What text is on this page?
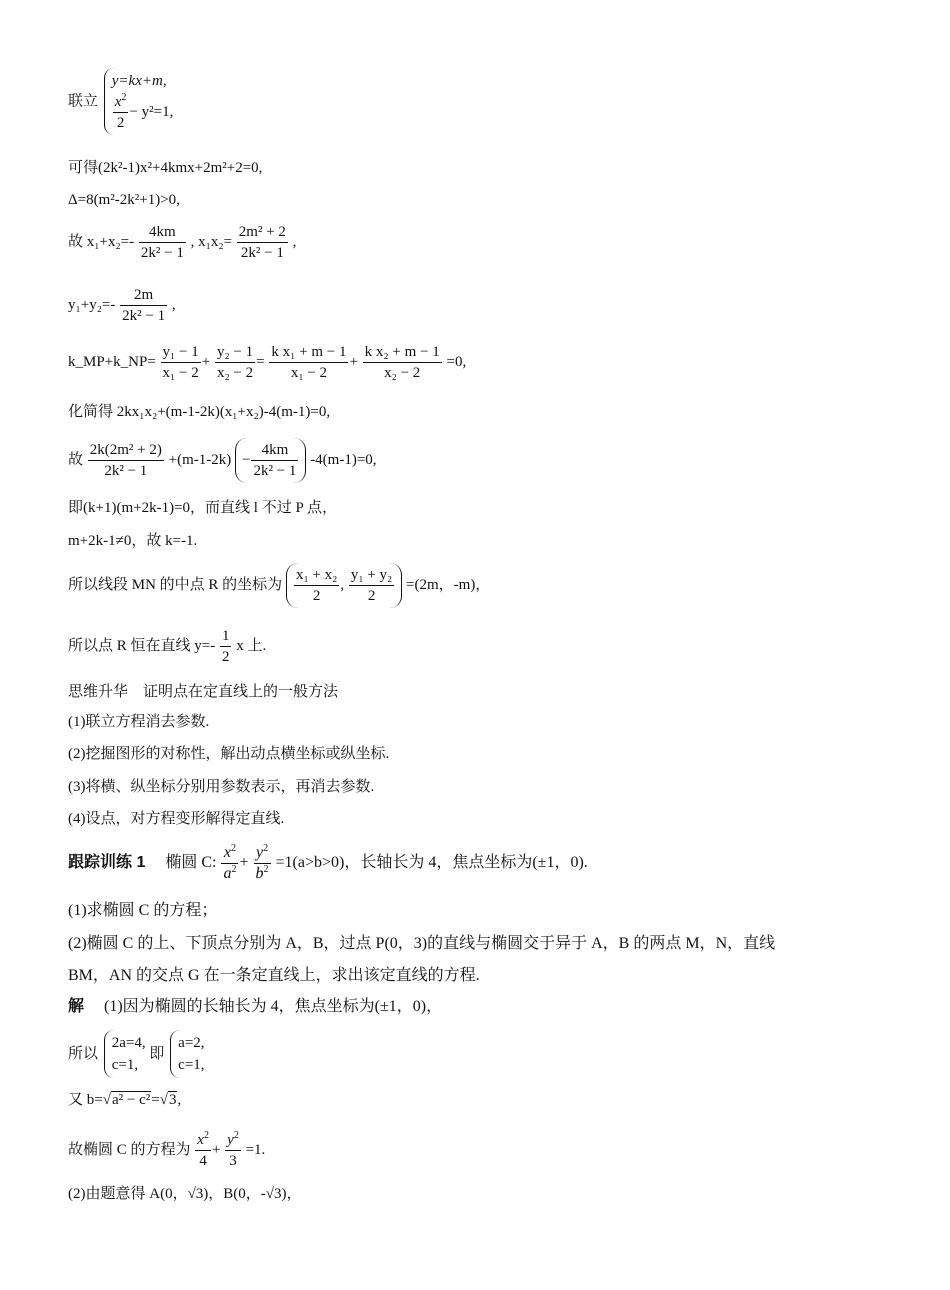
联立
y=kx+m,
$\frac{x^2}{2} - y^2=1$,
可得(2k²-1)x²+4kmx+2m²+2=0,
Δ=8(m²-2k²+1)>0,
故 $x_1+x_2=- \frac{4km}{\text{2k² − 1}}$ , $x_1x_2= \frac{\text{2m² + 2}}{\text{2k² − 1}}$ ,
$y_1+y_2=- \frac{2m}{\text{2k² − 1}}$ ,
k_MP+k_NP= $\frac{\text{y₁ − 1}}{\text{x₁ − 2}} + \frac{\text{y₂ − 1}}{\text{x₂ − 2}} = \frac{\text{k x₁ + m − 1}}{\text{x₁ − 2}} + \frac{\text{k x₂ + m − 1}}{\text{x₂ − 2}} =0$,
化简得 2kx₁x₂+(m-1-2k)(x₁+x₂)-4(m-1)=0,
故 $\frac{\text{2k(2m² + 2)}}{\text{2k² − 1}} +(m-1-2k) - \frac{4km}{\text{2k² − 1}} -4(m-1)=0$,
即(k+1)(m+2k-1)=0，而直线 l 不过 P 点，
m+2k-1≠0，故 k=-1.
所以线段 MN 的中点 R 的坐标为 $\frac{\text{x₁ + x₂}}{2}$ , $\frac{\text{y₁ + y₂}}{2} =(2m$，-m)，
所以点 R 恒在直线 $y=- \frac{1}{2}$ x 上.
思维升华　证明点在定直线上的一般方法
(1)联立方程消去参数.
(2)挖掘图形的对称性，解出动点横坐标或纵坐标.
(3)将横、纵坐标分别用参数表示，再消去参数.
(4)设点，对方程变形解得定直线.
跟踪训练 1 　椭圆 C: $\frac{x^2}{a^2} + \frac{y^2}{b^2} =1(a>b>0)$，长轴长为 4，焦点坐标为(±1，0).
(1)求椭圆 C 的方程；
(2)椭圆 C 的上、下顶点分别为 A，B，过点 P(0，3)的直线与椭圆交于异于 A，B 的两点 M，N，直线
BM，AN 的交点 G 在一条定直线上，求出该定直线的方程.
解 　(1)因为椭圆的长轴长为 4，焦点坐标为(±1，0)，
所以
2a=4,
c=1,
即
a=2,
c=1,
又 b=√a² − c²=√3,
故椭圆 C 的方程为 $\frac{x^2}{4} + \frac{y^2}{3} =1$.
(2)由题意得 A(0，√3)，B(0，-√3)，
